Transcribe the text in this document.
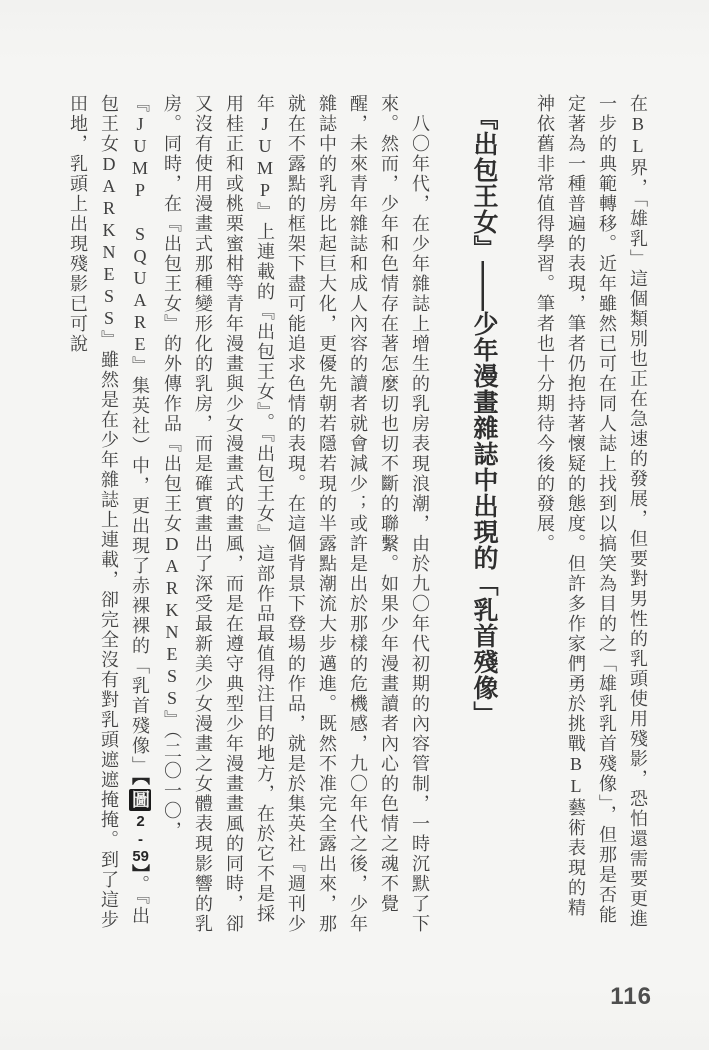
在BL界，「雄乳」這個類別也正在急速的發展，但要對男性的乳頭使用殘影，恐怕還需要更進一步的典範轉移。近年雖然已可在同人誌上找到以搞笑為目的之「雄乳乳首殘像」，但那是否能定著為一種普遍的表現，筆者仍抱持著懷疑的態度。但許多作家們勇於挑戰BL藝術表現的精神依舊非常值得學習。筆者也十分期待今後的發展。

『出包王女』——少年漫畫雜誌中出現的「乳首殘像」

八〇年代，在少年雜誌上增生的乳房表現浪潮，由於九〇年代初期的內容管制，一時沉默了下來。然而，少年和色情存在著怎麼切也切不斷的聯繫。如果少年漫畫讀者內心的色情之魂不覺醒，未來青年雜誌和成人內容的讀者就會減少；或許是出於那樣的危機感，九〇年代之後，少年雜誌中的乳房比起巨大化，更優先朝若隱若現的半露點潮流大步邁進。既然不准完全露出來，那就在不露點的框架下盡可能追求色情的表現。在這個背景下登場的作品，就是於集英社『週刊少年JUMP』上連載的『出包王女』。『出包王女』這部作品最值得注目的地方，在於它不是採用桂正和或桃栗蜜柑等青年漫畫與少女漫畫式的畫風，而是在遵守典型少年漫畫畫風的同時，卻又沒有使用漫畫式那種變形化的乳房，而是確實畫出了深受最新美少女漫畫之女體表現影響的乳房。同時，在『出包王女』的外傳作品『出包王女DARKNESS』（二〇一〇，『JUMP SQUARE』集英社）中，更出現了赤裸裸的「乳首殘像」【圖2-59】。『出包王女DARKNESS』雖然是在少年雜誌上連載，卻完全沒有對乳頭遮遮掩掩。到了這步田地，乳頭上出現殘影已可說

116
